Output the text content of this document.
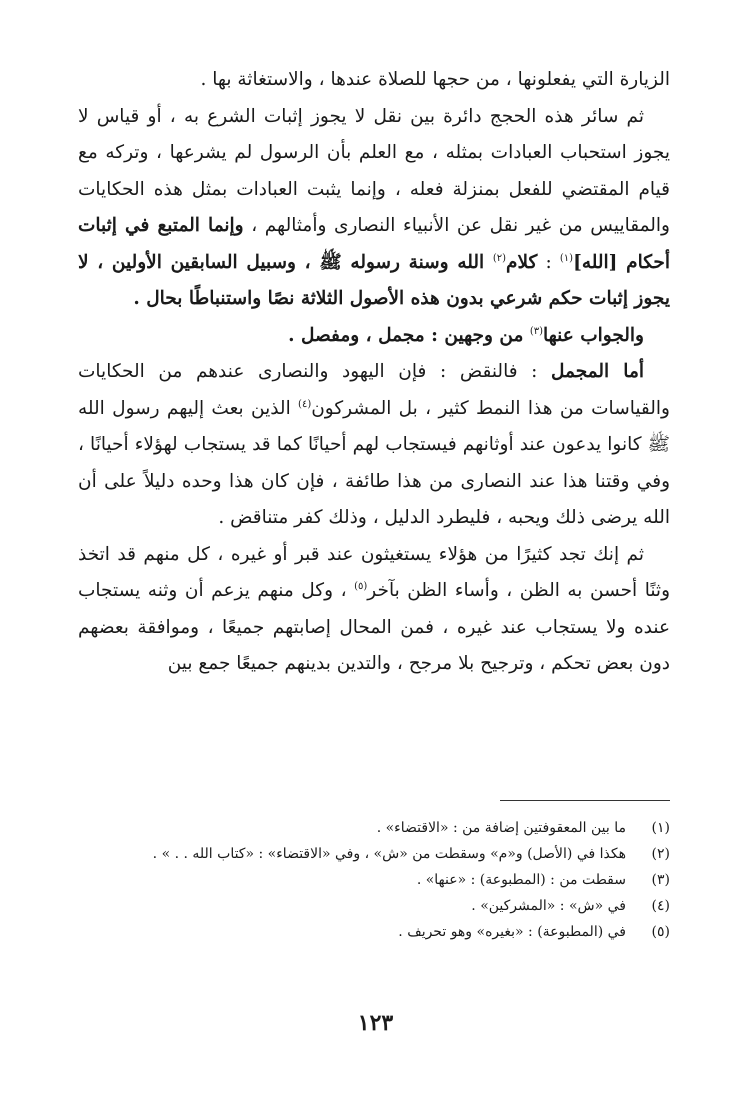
الزيارة التي يفعلونها ، من حجها للصلاة عندها ، والاستغاثة بها .

ثم سائر هذه الحجج دائرة بين نقل لا يجوز إثبات الشرع به ، أو قياس لا يجوز استحباب العبادات بمثله ، مع العلم بأن الرسول لم يشرعها ، وتركه مع قيام المقتضي للفعل بمنزلة فعله ، وإنما يثبت العبادات بمثل هذه الحكايات والمقاييس من غير نقل عن الأنبياء النصارى وأمثالهم ، وإنما المتبع في إثبات أحكام [الله]$^{(١)}$ : كلام$^{(٢)}$ الله وسنة رسوله ﷺ ، وسبيل السابقين الأولين ، لا يجوز إثبات حكم شرعي بدون هذه الأصول الثلاثة نصًا واستنباطًا بحال .

والجواب عنها$^{(٣)}$ من وجهين : مجمل ، ومفصل .

أما المجمل : فالنقض : فإن اليهود والنصارى عندهم من الحكايات والقياسات من هذا النمط كثير ، بل المشركون$^{(٤)}$ الذين بعث إليهم رسول الله ﷺ كانوا يدعون عند أوثانهم فيستجاب لهم أحيانًا كما قد يستجاب لهؤلاء أحيانًا ، وفي وقتنا هذا عند النصارى من هذا طائفة ، فإن كان هذا وحده دليلاً على أن الله يرضى ذلك ويحبه ، فليطرد الدليل ، وذلك كفر متناقض .

ثم إنك تجد كثيرًا من هؤلاء يستغيثون عند قبر أو غيره ، كل منهم قد اتخذ وثنًا أحسن به الظن ، وأساء الظن بآخر$^{(٥)}$ ، وكل منهم يزعم أن وثنه يستجاب عنده ولا يستجاب عند غيره ، فمن المحال إصابتهم جميعًا ، وموافقة بعضهم دون بعض تحكم ، وترجيح بلا مرجح ، والتدين بدينهم جميعًا جمع بين

(١)
ما بين المعقوفتين إضافة من : «الاقتضاء» .
(٢)
هكذا في (الأصل) و«م» وسقطت من «ش» ، وفي «الاقتضاء» : «كتاب الله . . » .
(٣)
سقطت من : (المطبوعة) : «عنها» .
(٤)
في «ش» : «المشركين» .
(٥)
في (المطبوعة) : «بغيره» وهو تحريف .
١٢٣
